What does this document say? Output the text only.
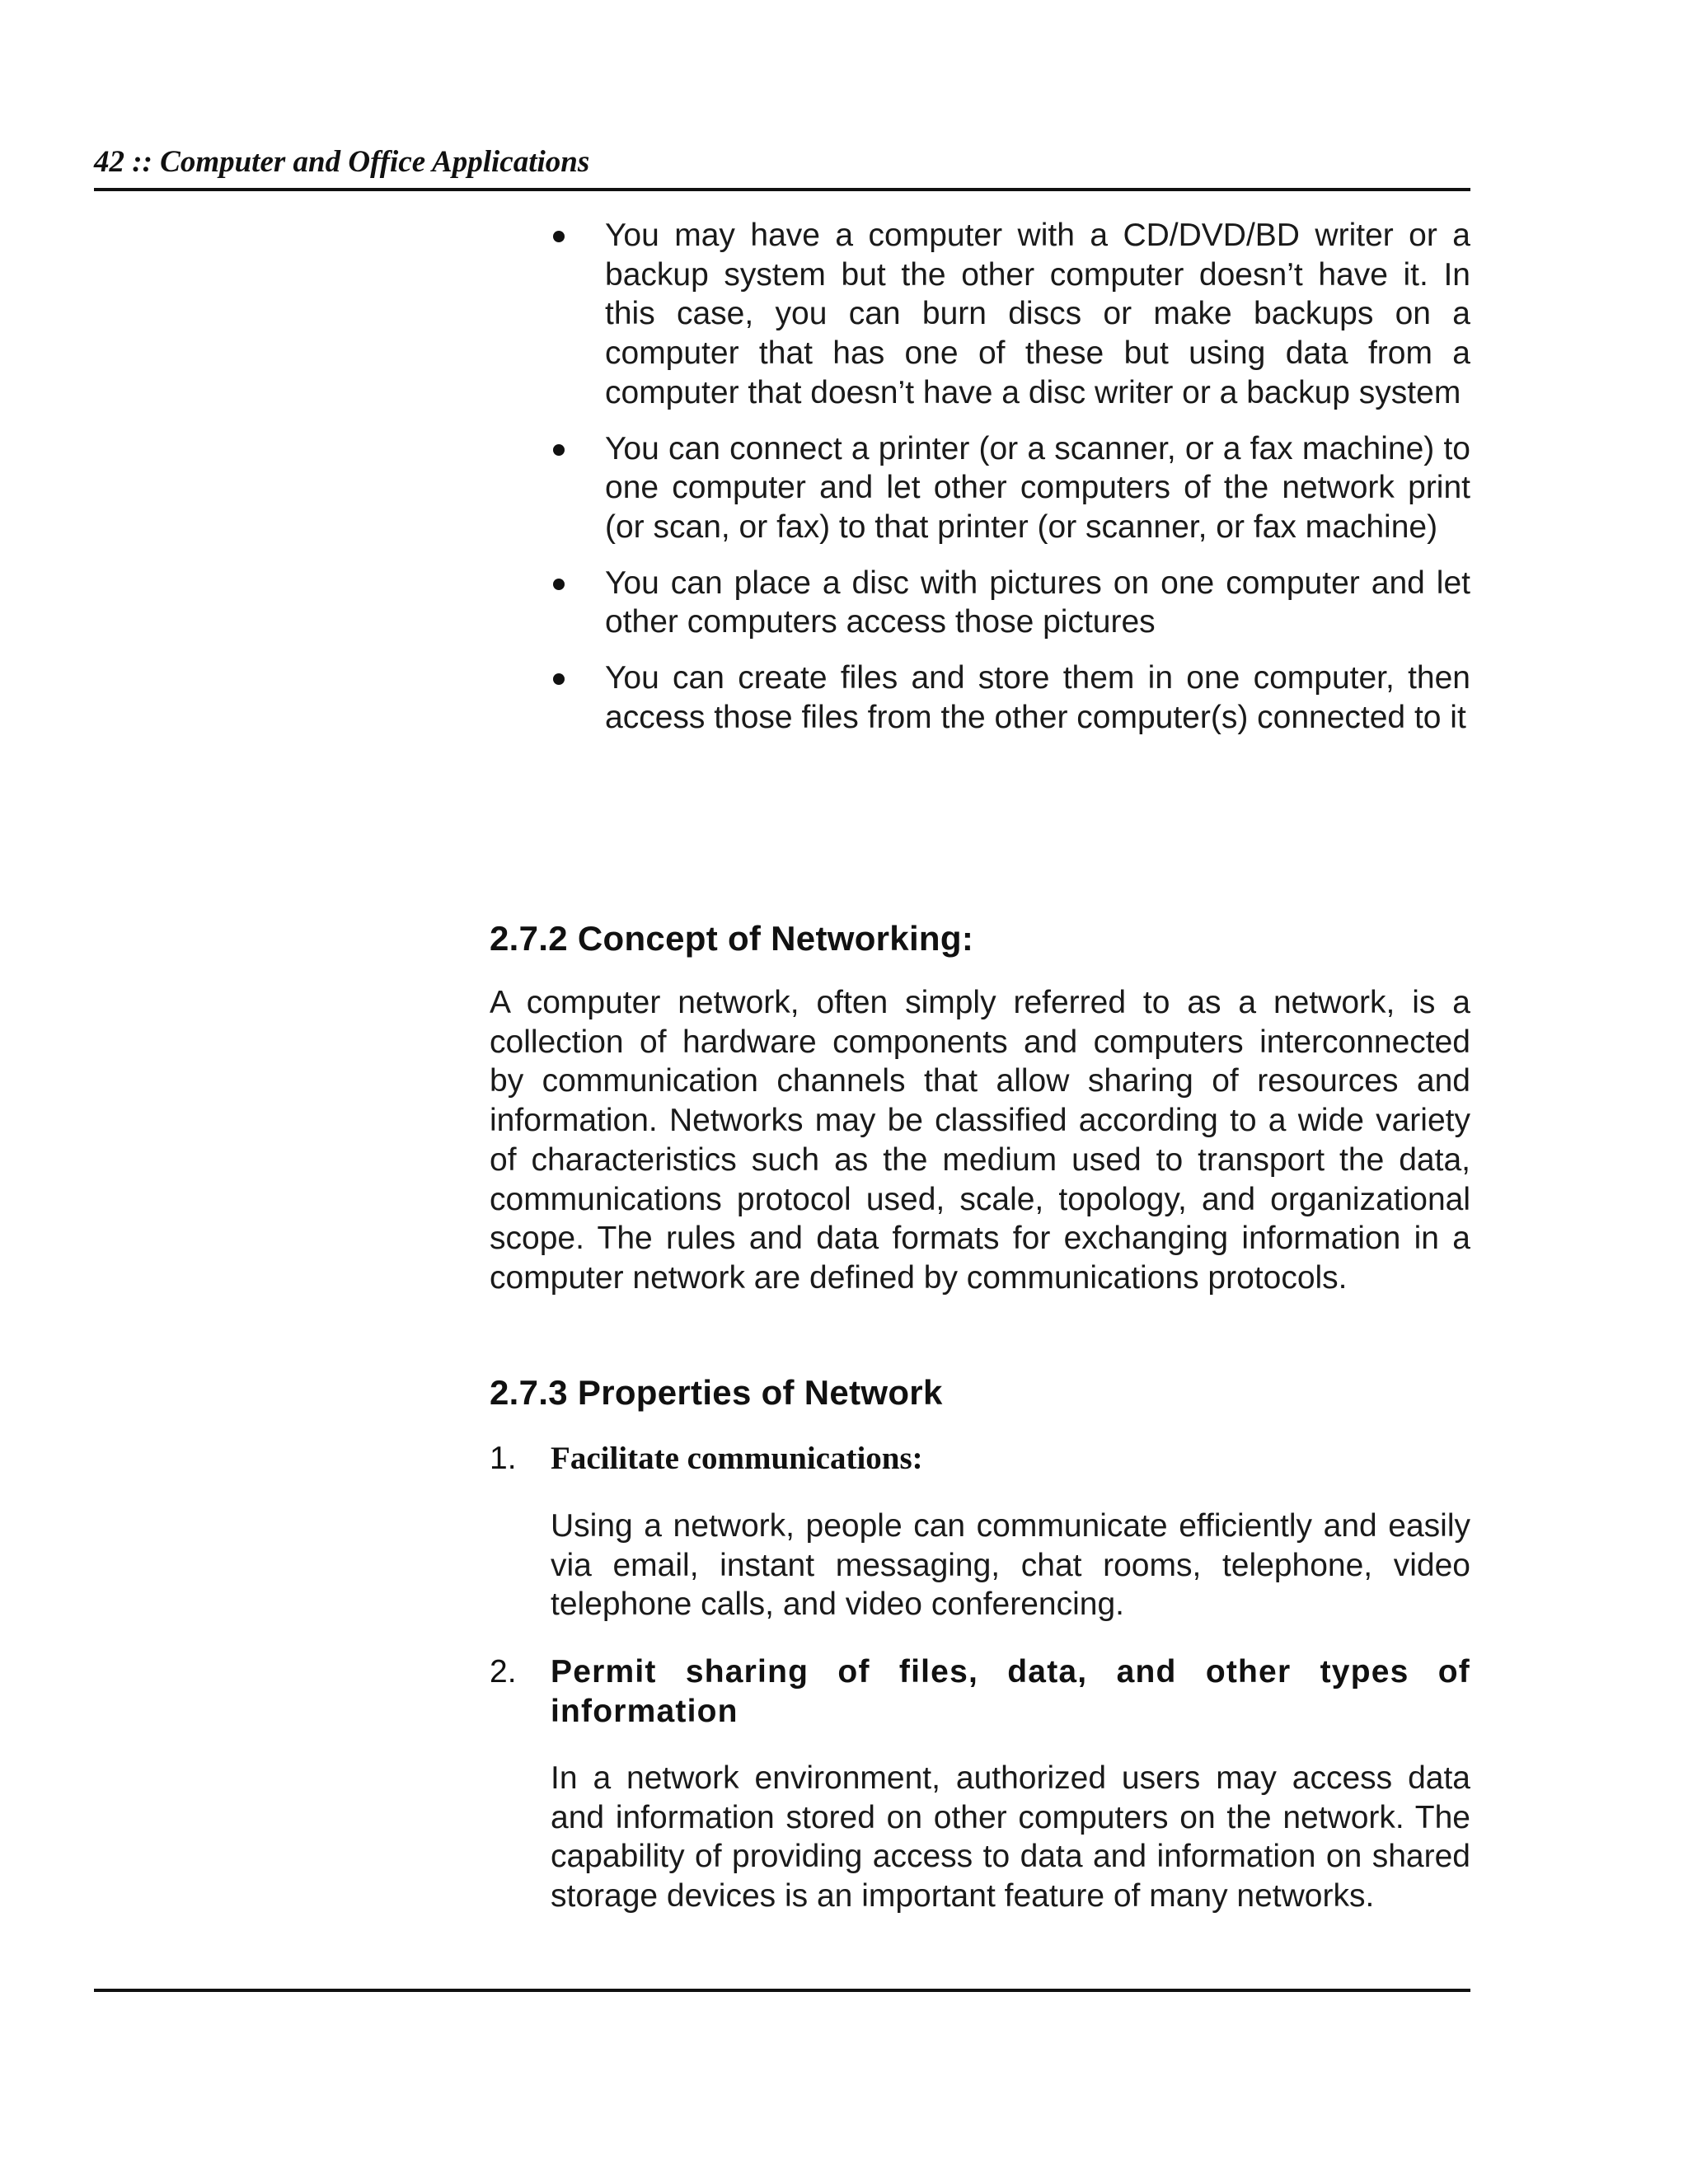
42 :: Computer and Office Applications
You may have a computer with a CD/DVD/BD writer or a backup system but the other computer doesn’t have it. In this case, you can burn discs or make backups on a computer that has one of these but using data from a computer that doesn’t have a disc writer or a backup system
You can connect a printer (or a scanner, or a fax machine) to one computer and let other computers of the network print (or scan, or fax) to that printer (or scanner, or fax machine)
You can place a disc with pictures on one computer and let other computers access those pictures
You can create files and store them in one computer, then access those files from the other computer(s) connected to it
2.7.2 Concept of Networking:

A computer network, often simply referred to as a network, is a collection of hardware components and computers interconnected by communication channels that allow sharing of resources and information. Networks may be classified according to a wide variety of characteristics such as the medium used to transport the data, communications protocol used, scale, topology, and organizational scope. The rules and data formats for exchanging information in a computer network are defined by communications protocols.

2.7.3 Properties of Network
1. Facilitate communications:

Using a network, people can communicate efficiently and easily via email, instant messaging, chat rooms, telephone, video telephone calls, and video conferencing.

2. Permit sharing of files, data, and other types of information

In a network environment, authorized users may access data and information stored on other computers on the network. The capability of providing access to data and information on shared storage devices is an important feature of many networks.
